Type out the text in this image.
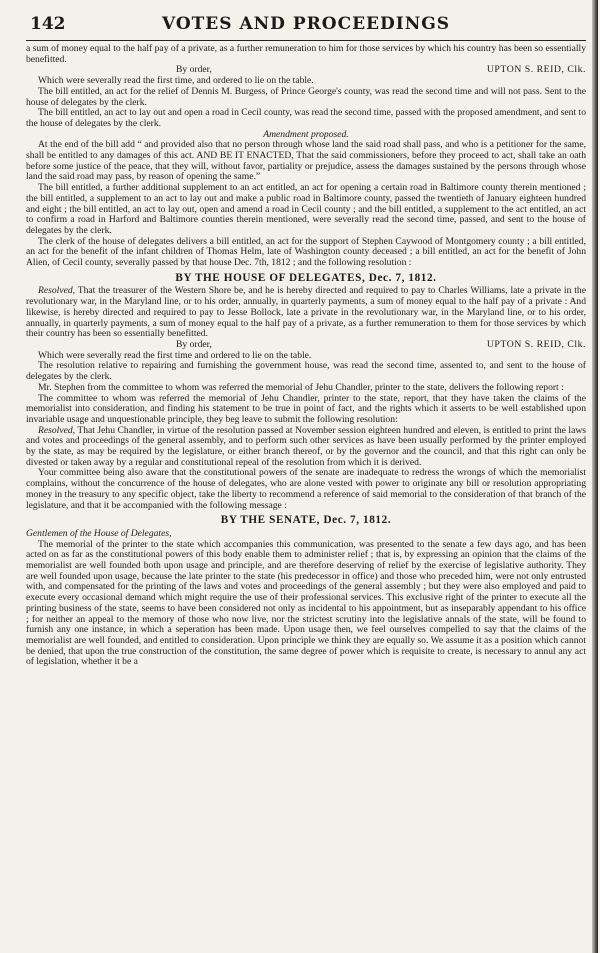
142	VOTES AND PROCEEDINGS

a sum of money equal to the half pay of a private, as a further remuneration to him for those services by which his country has been so essentially benefitted.

By order,	UPTON S. REID, Clk.

Which were severally read the first time, and ordered to lie on the table.

The bill entitled, an act for the relief of Dennis M. Burgess, of Prince George's county, was read the second time and will not pass. Sent to the house of delegates by the clerk.

The bill entitled, an act to lay out and open a road in Cecil county, was read the second time, passed with the proposed amendment, and sent to the house of delegates by the clerk.

Amendment proposed.

At the end of the bill add “ and provided also that no person through whose land the said road shall pass, and who is a petitioner for the same, shall be entitled to any damages of this act. AND BE IT ENACTED, That the said commissioners, before they proceed to act, shall take an oath before some justice of the peace, that they will, without favor, partiality or prejudice, assess the damages sustained by the persons through whose land the said road may pass, by reason of opening the same.”

The bill entitled, a further additional supplement to an act entitled, an act for opening a certain road in Baltimore county therein mentioned ; the bill entitled, a supplement to an act to lay out and make a public road in Baltimore county, passed the twentieth of January eighteen hundred and eight ; the bill entitled, an act to lay out, open and amend a road in Cecil county ; and the bill entitled, a supplement to the act entitled, an act to confirm a road in Harford and Baltimore counties therein mentioned, were severally read the second time, passed, and sent to the house of delegates by the clerk.

The clerk of the house of delegates delivers a bill entitled, an act for the support of Stephen Caywood of Montgomery county ; a bill entitled, an act for the benefit of the infant children of Thomas Helm, late of Washington county deceased ; a bill entitled, an act for the benefit of John Alien, of Cecil county, severally passed by that house Dec. 7th, 1812 ; and the following resolution :

BY THE HOUSE OF DELEGATES, Dec. 7, 1812.

Resolved, That the treasurer of the Western Shore be, and he is hereby directed and required to pay to Charles Williams, late a private in the revolutionary war, in the Maryland line, or to his order, annually, in quarterly payments, a sum of money equal to the half pay of a private : And likewise, is hereby directed and required to pay to Jesse Bollock, late a private in the revolutionary war, in the Maryland line, or to his order, annually, in quarterly payments, a sum of money equal to the half pay of a private, as a further remuneration to them for those services by which their country has been so essentially benefitted.

By order,	UPTON S. REID, Clk.

Which were severally read the first time and ordered to lie on the table.

The resolution relative to repairing and furnishing the government house, was read the second time, assented to, and sent to the house of delegates by the clerk.

Mr. Stephen from the committee to whom was referred the memorial of Jehu Chandler, printer to the state, delivers the following report :

The committee to whom was referred the memorial of Jehu Chandler, printer to the state, report, that they have taken the claims of the memorialist into consideration, and finding his statement to be true in point of fact, and the rights which it asserts to be well established upon invariable usage and unquestionable principle, they beg leave to submit the following resolution:

Resolved, That Jehu Chandler, in virtue of the resolution passed at November session eighteen hundred and eleven, is entitled to print the laws and votes and proceedings of the general assembly, and to perform such other services as have been usually performed by the printer employed by the state, as may be required by the legislature, or either branch thereof, or by the governor and the council, and that this right can only be divested or taken away by a regular and constitutional repeal of the resolution from which it is derived.

Your committee being also aware that the constitutional powers of the senate are inadequate to redress the wrongs of which the memorialist complains, without the concurrence of the house of delegates, who are alone vested with power to originate any bill or resolution appropriating money in the treasury to any specific object, take the liberty to recommend a reference of said memorial to the consideration of that branch of the legislature, and that it be accompanied with the following message :

BY THE SENATE, Dec. 7, 1812.

Gentlemen of the House of Delegates,

The memorial of the printer to the state which accompanies this communication, was presented to the senate a few days ago, and has been acted on as far as the constitutional powers of this body enable them to administer relief ; that is, by expressing an opinion that the claims of the memorialist are well founded both upon usage and principle, and are therefore deserving of relief by the exercise of legislative authority. They are well founded upon usage, because the late printer to the state (his predecessor in office) and those who preceded him, were not only entrusted with, and compensated for the printing of the laws and votes and proceedings of the general assembly ; but they were also employed and paid to execute every occasional demand which might require the use of their professional services. This exclusive right of the printer to execute all the printing business of the state, seems to have been considered not only as incidental to his appointment, but as inseparably appendant to his office ; for neither an appeal to the memory of those who now live, nor the strictest scrutiny into the legislative annals of the state, will be found to furnish any one instance, in which a seperation has been made. Upon usage then, we feel ourselves compelled to say that the claims of the memorialist are well founded, and entitled to consideration. Upon principle we think they are equally so. We assume it as a position which cannot be denied, that upon the true construction of the constitution, the same degree of power which is requisite to create, is necessary to annul any act of legislation, whether it be a
